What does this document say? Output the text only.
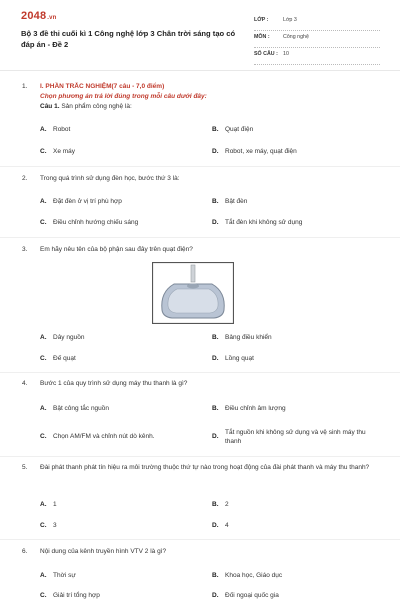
2048.vn
Bộ 3 đề thi cuối kì 1 Công nghệ lớp 3 Chân trời sáng tạo có đáp án - Đề 2
LỚP :	Lớp 3
MÔN :	Công nghệ
SỐ CÂU : 10
1. I. PHẦN TRẮC NGHIỆM(7 câu - 7,0 điểm)
Chọn phương án trả lời đúng trong mỗi câu dưới đây:
Câu 1. Sản phẩm công nghệ là:
A. Robot	B. Quạt điện
C. Xe máy	D. Robot, xe máy, quạt điện
2. Trong quá trình sử dụng đèn học, bước thứ 3 là:
A. Đặt đèn ở vị trí phù hợp	B. Bật đèn
C. Điều chỉnh hướng chiếu sáng	D. Tắt đèn khi không sử dụng
3. Em hãy nêu tên của bộ phận sau đây trên quạt điện?
A. Dây nguồn	B. Bảng điều khiển
C. Đế quạt	D. Lồng quạt
4. Bước 1 của quy trình sử dụng máy thu thanh là gì?
A. Bật công tắc nguồn	B. Điều chỉnh âm lượng
C. Chọn AM/FM và chỉnh nút dò kênh.	D.
Tắt nguồn khi không sử dụng và vệ sinh máy thu thanh
5. Đài phát thanh phát tín hiệu ra môi trường thuộc thứ tự nào trong hoạt động của đài phát thanh và máy thu thanh?
A. 1	B. 2
C. 3	D. 4
6. Nội dung của kênh truyền hình VTV 2 là gì?
A. Thời sự	B. Khoa học, Giáo dục
C. Giải trí tổng hợp	D. Đối ngoại quốc gia
